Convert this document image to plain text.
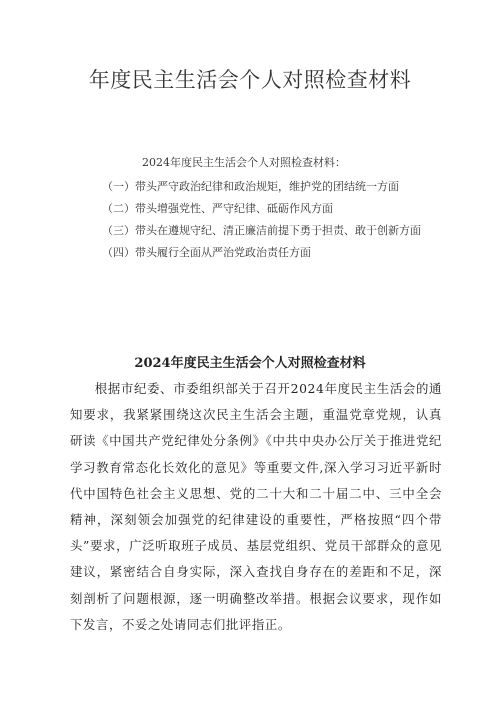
年度民主生活会个人对照检查材料
2024年度民主生活会个人对照检查材料：
（一）带头严守政治纪律和政治规矩，维护党的团结统一方面
（二）带头增强党性、严守纪律、砥砺作风方面
（三）带头在遵规守纪、清正廉洁前提下勇于担责、敢于创新方面
（四）带头履行全面从严治党政治责任方面
2024年度民主生活会个人对照检查材料

根据市纪委、市委组织部关于召开2024年度民主生活会的通知要求，我紧紧围绕这次民主生活会主题，重温党章党规，认真研读《中国共产党纪律处分条例》《中共中央办公厅关于推进党纪学习教育常态化长效化的意见》等重要文件,深入学习习近平新时代中国特色社会主义思想、党的二十大和二十届二中、三中全会精神，深刻领会加强党的纪律建设的重要性，严格按照“四个带头”要求，广泛听取班子成员、基层党组织、党员干部群众的意见建议，紧密结合自身实际，深入查找自身存在的差距和不足，深刻剖析了问题根源，逐一明确整改举措。根据会议要求，现作如下发言，不妥之处请同志们批评指正。
